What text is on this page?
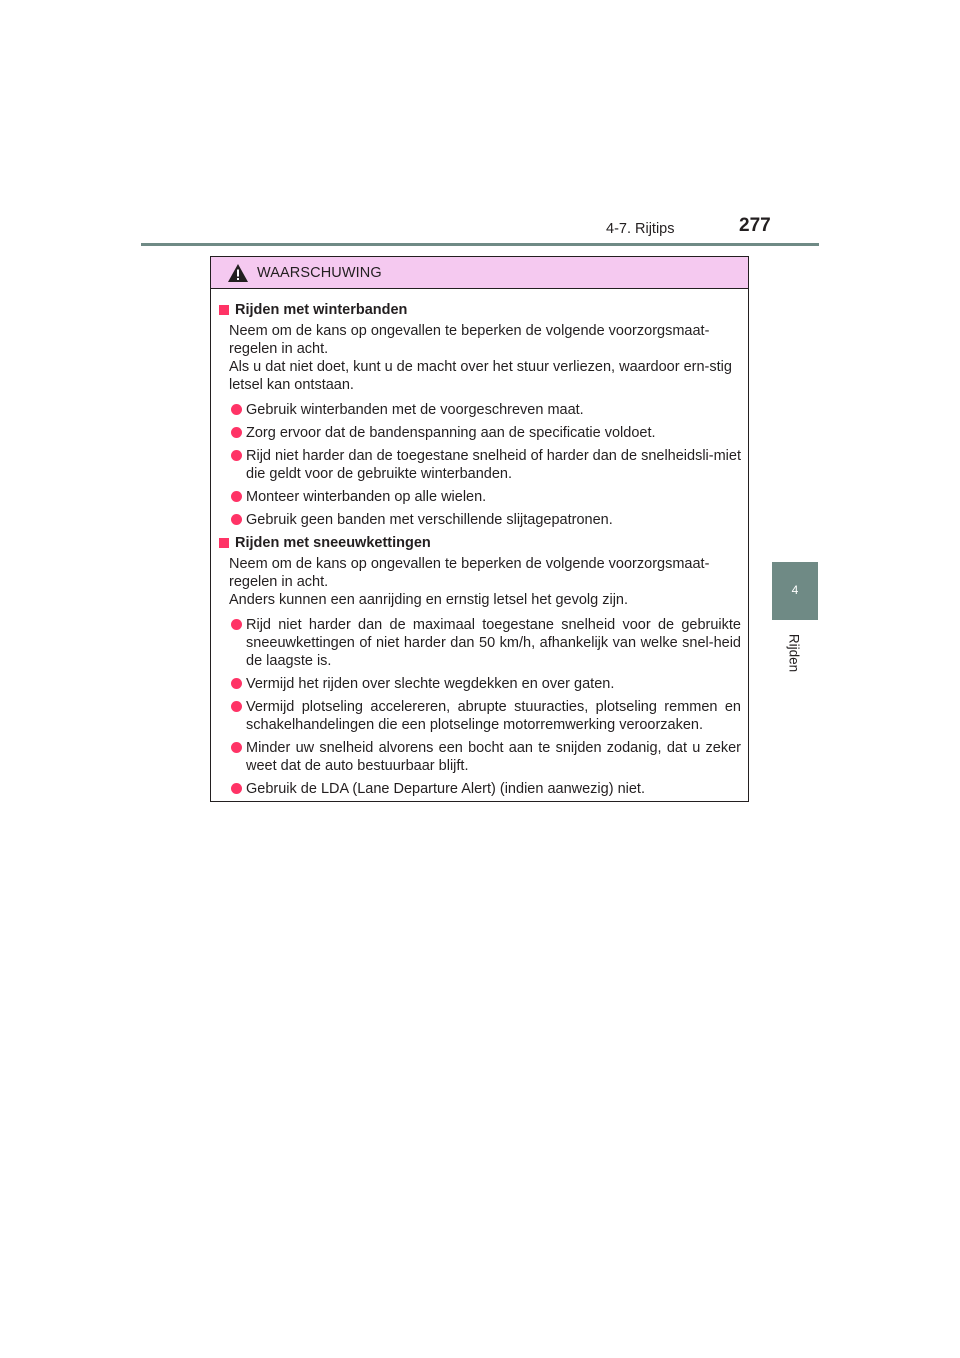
4-7. Rijtips	277
4
Rijden
WAARSCHUWING
Rijden met winterbanden
Neem om de kans op ongevallen te beperken de volgende voorzorgsmaat-regelen in acht.
Als u dat niet doet, kunt u de macht over het stuur verliezen, waardoor ern-stig letsel kan ontstaan.
Gebruik winterbanden met de voorgeschreven maat.
Zorg ervoor dat de bandenspanning aan de specificatie voldoet.
Rijd niet harder dan de toegestane snelheid of harder dan de snelheidsli-miet die geldt voor de gebruikte winterbanden.
Monteer winterbanden op alle wielen.
Gebruik geen banden met verschillende slijtagepatronen.
Rijden met sneeuwkettingen
Neem om de kans op ongevallen te beperken de volgende voorzorgsmaat-regelen in acht.
Anders kunnen een aanrijding en ernstig letsel het gevolg zijn.
Rijd niet harder dan de maximaal toegestane snelheid voor de gebruikte sneeuwkettingen of niet harder dan 50 km/h, afhankelijk van welke snel-heid de laagste is.
Vermijd het rijden over slechte wegdekken en over gaten.
Vermijd plotseling accelereren, abrupte stuuracties, plotseling remmen en schakelhandelingen die een plotselinge motorremwerking veroorzaken.
Minder uw snelheid alvorens een bocht aan te snijden zodanig, dat u zeker weet dat de auto bestuurbaar blijft.
Gebruik de LDA (Lane Departure Alert) (indien aanwezig) niet.
